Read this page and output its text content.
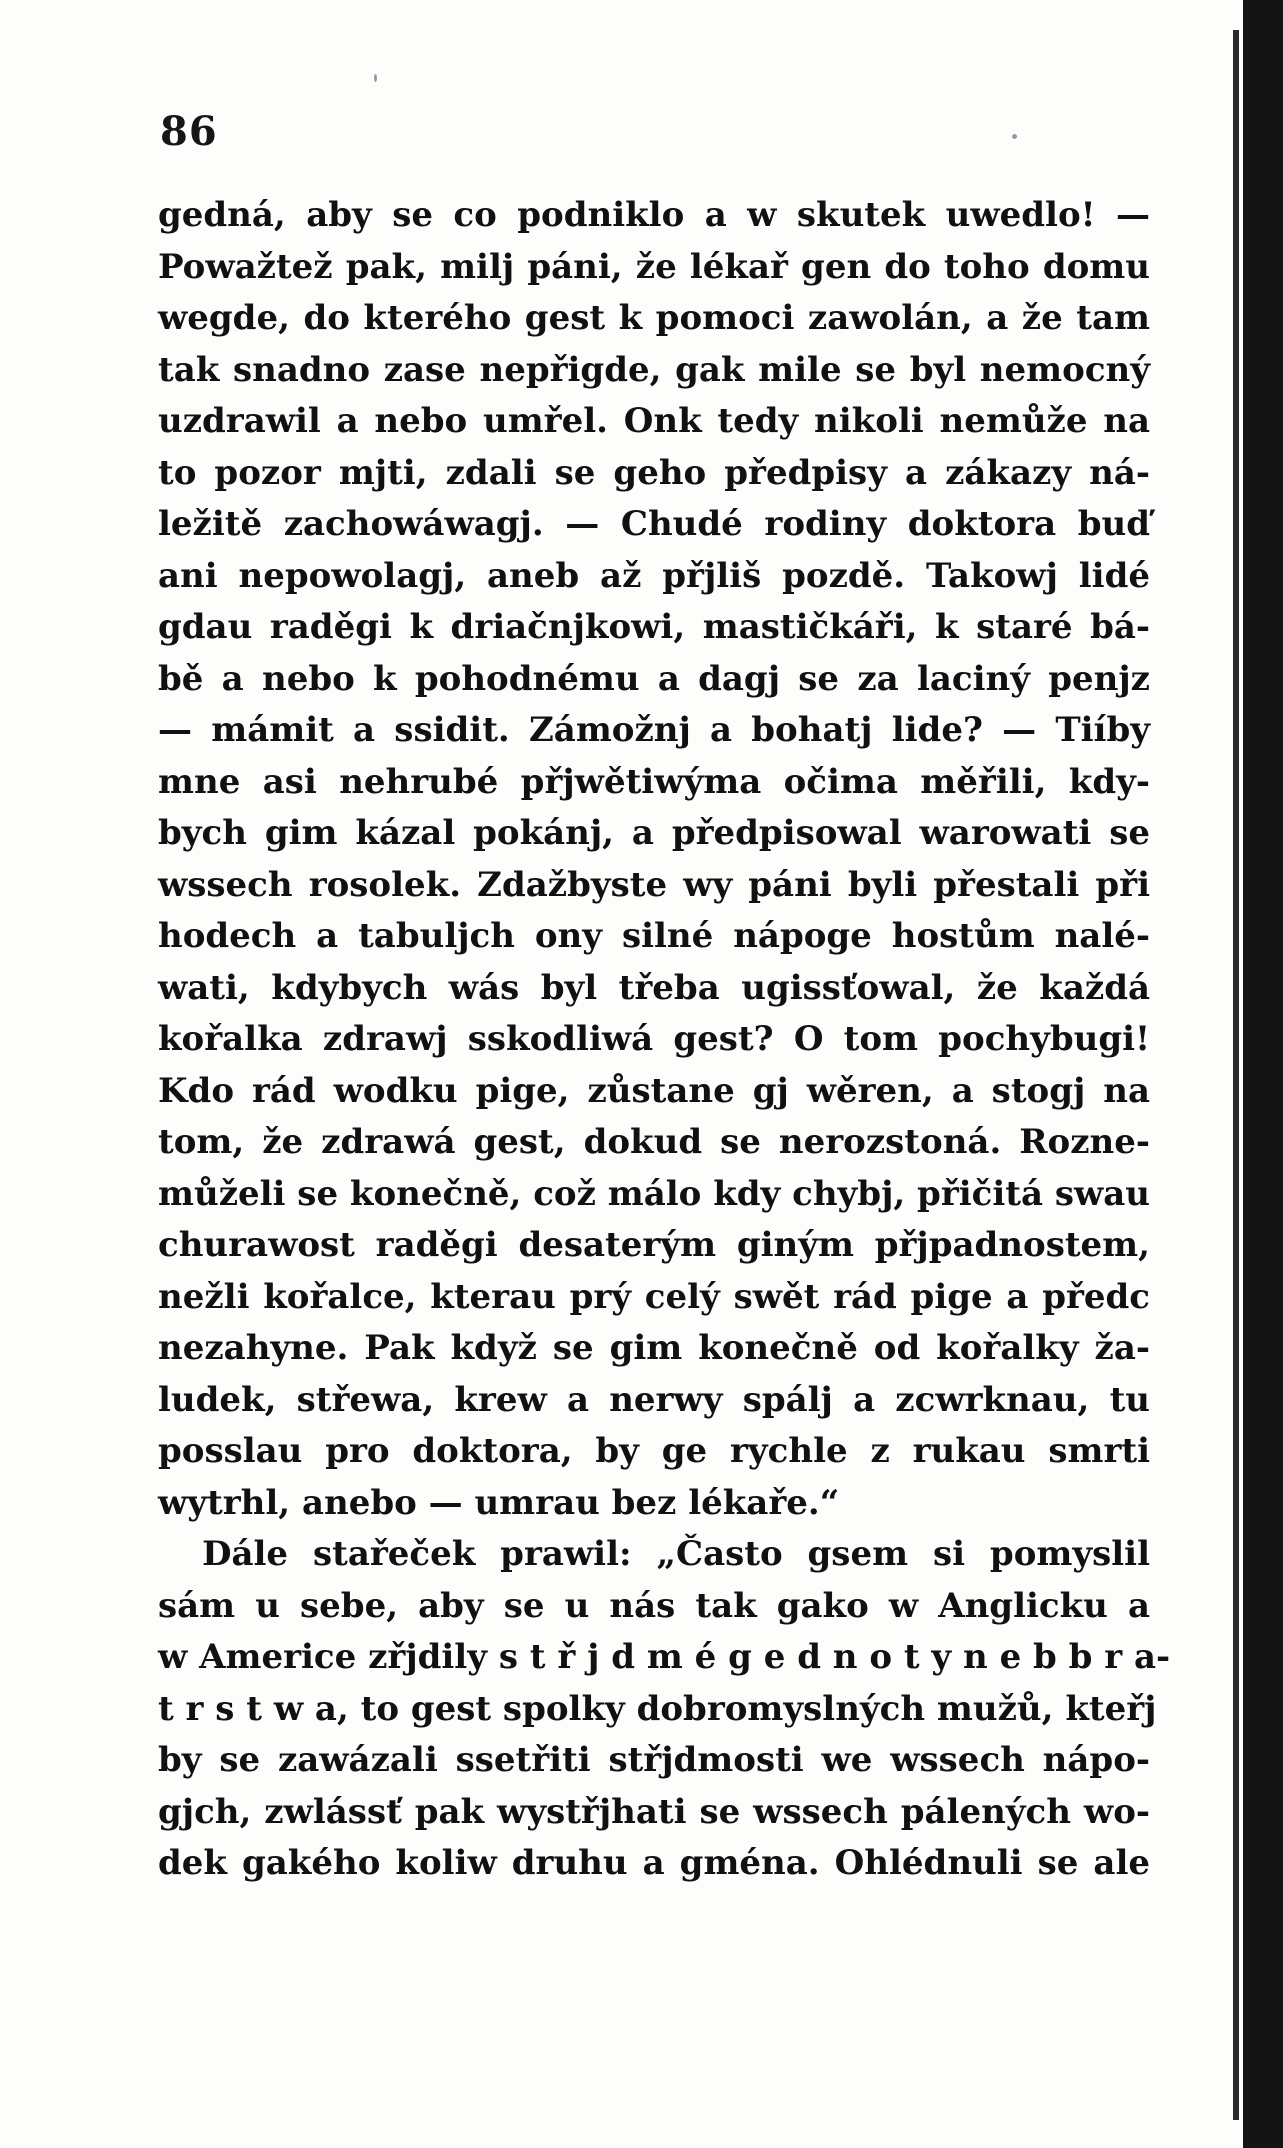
86
gedná, aby se co podniklo a w skutek uwedlo! —
Powažtež pak, milj páni, že lékař gen do toho domu
wegde, do kterého gest k pomoci zawolán, a že tam
tak snadno zase nepřigde, gak mile se byl nemocný
uzdrawil a nebo umřel. Onk tedy nikoli nemůže na
to pozor mjti, zdali se geho předpisy a zákazy ná-
ležitě zachowáwagj. — Chudé rodiny doktora buď
ani nepowolagj, aneb až přjliš pozdě. Takowj lidé
gdau raděgi k driačnjkowi, mastičkáři, k staré bá-
bě a nebo k pohodnému a dagj se za laciný penjz
— mámit a ssidit. Zámožnj a bohatj lide? — Tiíby
mne asi nehrubé přjwětiwýma očima měřili, kdy-
bych gim kázal pokánj, a předpisowal warowati se
wssech rosolek. Zdažbyste wy páni byli přestali při
hodech a tabuljch ony silné nápoge hostům nalé-
wati, kdybych wás byl třeba ugissťowal, že každá
kořalka zdrawj sskodliwá gest? O tom pochybugi!
Kdo rád wodku pige, zůstane gj wěren, a stogj na
tom, že zdrawá gest, dokud se nerozstoná. Rozne-
můželi se konečně, což málo kdy chybj, přičitá swau
churawost raděgi desaterým giným přjpadnostem,
nežli kořalce, kterau prý celý swět rád pige a předc
nezahyne. Pak když se gim konečně od kořalky ža-
ludek, střewa, krew a nerwy spálj a zcwrknau, tu
posslau pro doktora, by ge rychle z rukau smrti
wytrhl, anebo — umrau bez lékaře.“
Dále stařeček prawil: „Často gsem si pomyslil
sám u sebe, aby se u nás tak gako w Anglicku a
w Americe zřjdily s t ř j d m é g e d n o t y n e b b r a-
t r s t w a, to gest spolky dobromyslných mužů, kteřj
by se zawázali ssetřiti střjdmosti we wssech nápo-
gjch, zwlássť pak wystřjhati se wssech pálených wo-
dek gakého koliw druhu a gména. Ohlédnuli se ale
